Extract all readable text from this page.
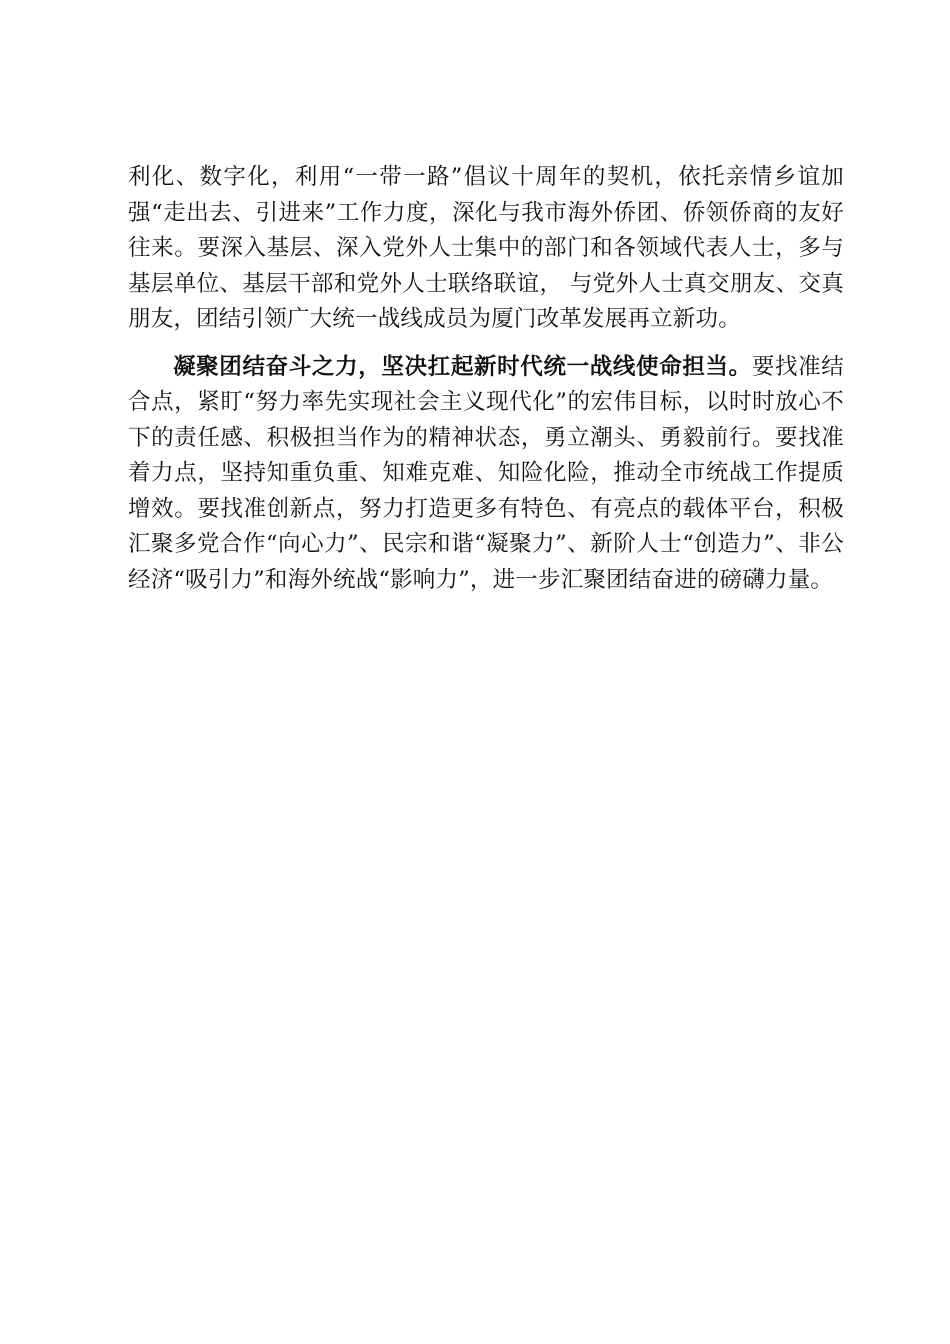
利化、数字化，利用“一带一路”倡议十周年的契机，依托亲情乡谊加强“走出去、引进来”工作力度，深化与我市海外侨团、侨领侨商的友好往来。要深入基层、深入党外人士集中的部门和各领域代表人士，多与基层单位、基层干部和党外人士联络联谊， 与党外人士真交朋友、交真朋友，团结引领广大统一战线成员为厦门改革发展再立新功。

凝聚团结奋斗之力，坚决扛起新时代统一战线使命担当。要找准结合点，紧盯“努力率先实现社会主义现代化”的宏伟目标，以时时放心不下的责任感、积极担当作为的精神状态，勇立潮头、勇毅前行。要找准着力点，坚持知重负重、知难克难、知险化险，推动全市统战工作提质增效。要找准创新点，努力打造更多有特色、有亮点的载体平台，积极汇聚多党合作“向心力”、民宗和谐“凝聚力”、新阶人士“创造力”、非公经济“吸引力”和海外统战“影响力”，进一步汇聚团结奋进的磅礴力量。
